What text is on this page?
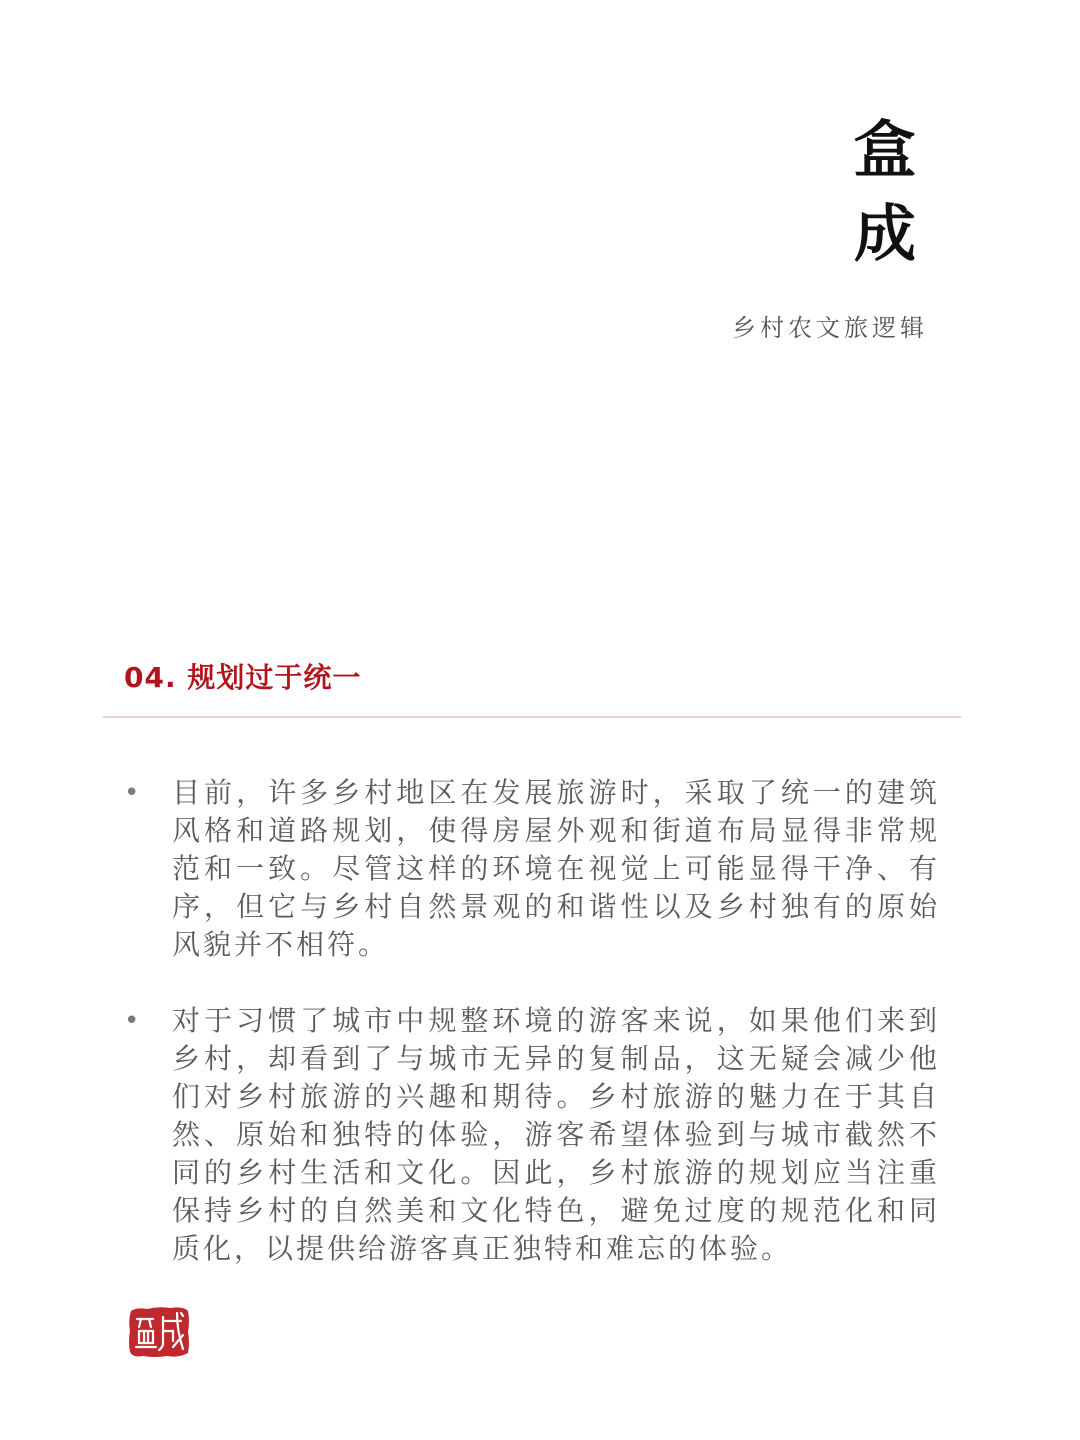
盒
成
乡村农文旅逻辑
04. 规划过于统一
•	目前，许多乡村地区在发展旅游时，采取了统一的建筑风格和道路规划，使得房屋外观和街道布局显得非常规范和一致。尽管这样的环境在视觉上可能显得干净、有序，但它与乡村自然景观的和谐性以及乡村独有的原始风貌并不相符。
•	对于习惯了城市中规整环境的游客来说，如果他们来到乡村，却看到了与城市无异的复制品，这无疑会减少他们对乡村旅游的兴趣和期待。乡村旅游的魅力在于其自然、原始和独特的体验，游客希望体验到与城市截然不同的乡村生活和文化。因此，乡村旅游的规划应当注重保持乡村的自然美和文化特色，避免过度的规范化和同质化，以提供给游客真正独特和难忘的体验。
